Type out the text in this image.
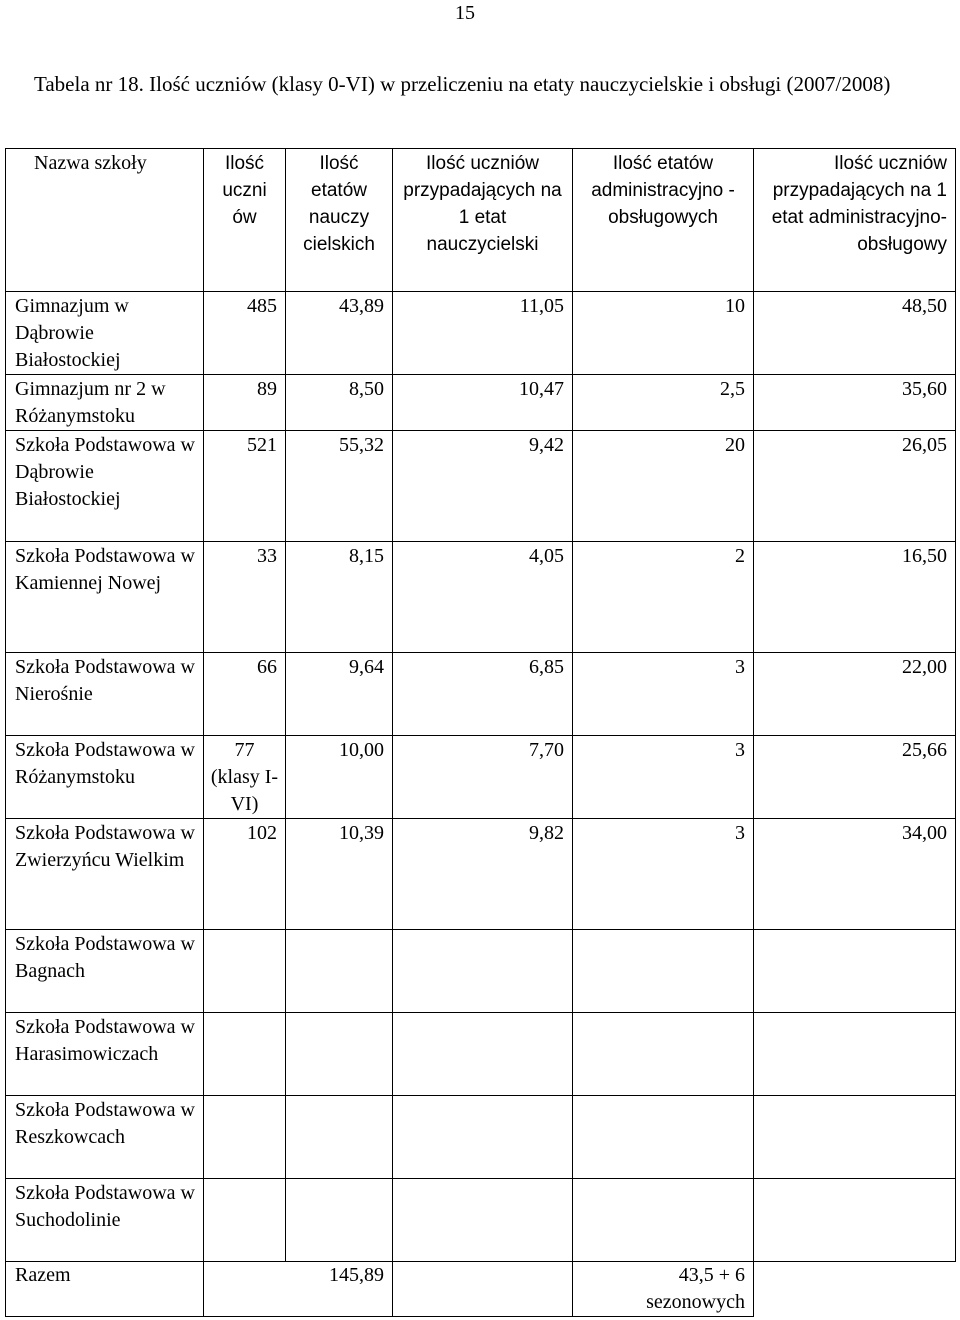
15
Tabela nr 18. Ilość uczniów (klasy 0-VI) w przeliczeniu na etaty nauczycielskie i obsługi (2007/2008)
Nazwa szkoły	Ilość uczni ów	Ilość etatów nauczy cielskich	Ilość uczniów przypadających na 1 etat nauczycielski	Ilość etatów administracyjno -obsługowych	Ilość uczniów przypadających na 1 etat administracyjno-obsługowy
Gimnazjum w Dąbrowie Białostockiej	485	43,89	11,05	10	48,50
Gimnazjum nr 2 w Różanymstoku	89	8,50	10,47	2,5	35,60
Szkoła Podstawowa w Dąbrowie Białostockiej	521	55,32	9,42	20	26,05
Szkoła Podstawowa w Kamiennej Nowej	33	8,15	4,05	2	16,50
Szkoła Podstawowa w Nierośnie	66	9,64	6,85	3	22,00
Szkoła Podstawowa w Różanymstoku	77 (klasy I-VI)	10,00	7,70	3	25,66
Szkoła Podstawowa w Zwierzyńcu Wielkim	102	10,39	9,82	3	34,00
Szkoła Podstawowa w Bagnach					
Szkoła Podstawowa w Harasimowiczach					
Szkoła Podstawowa w Reszkowcach					
Szkoła Podstawowa w Suchodolinie					
Razem		145,89		43,5 + 6 sezonowych	
